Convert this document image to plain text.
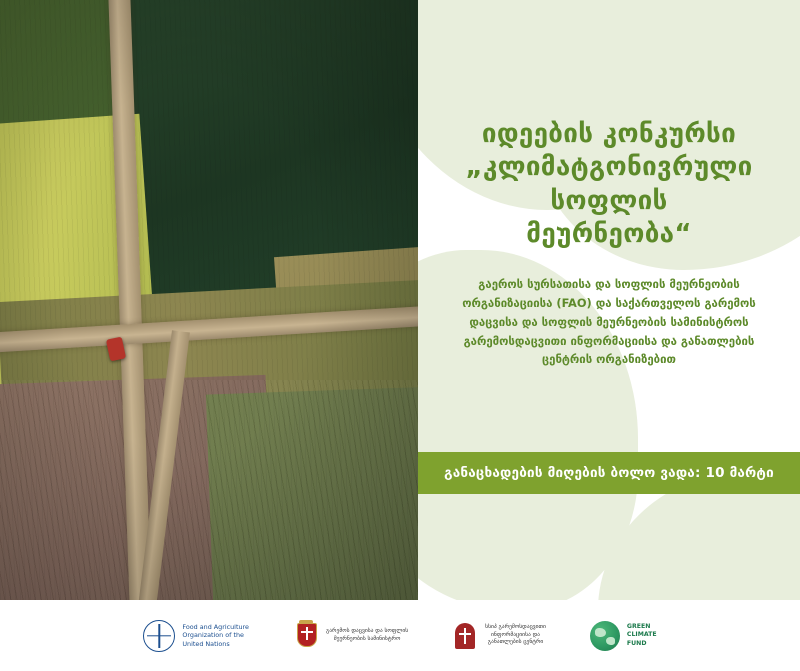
იდეების კონკურსი
„კლიმატგონივრული
სოფლის
მეურნეობა“
გაეროს სურსათისა და სოფლის მეურნეობის
ორგანიზაციისა (FAO) და საქართველოს გარემოს
დაცვისა და სოფლის მეურნეობის სამინისტროს
გარემოსდაცვითი ინფორმაციისა და განათლების
ცენტრის ორგანიზებით
განაცხადების მიღების ბოლო ვადა: 10 მარტი
Food and Agriculture
Organization of the
United Nations
გარემოს დაცვისა და სოფლის
მეურნეობის სამინისტრო
სსიპ გარემოსდაცვითი
ინფორმაციისა და
განათლების ცენტრი
GREEN
CLIMATE
FUND
